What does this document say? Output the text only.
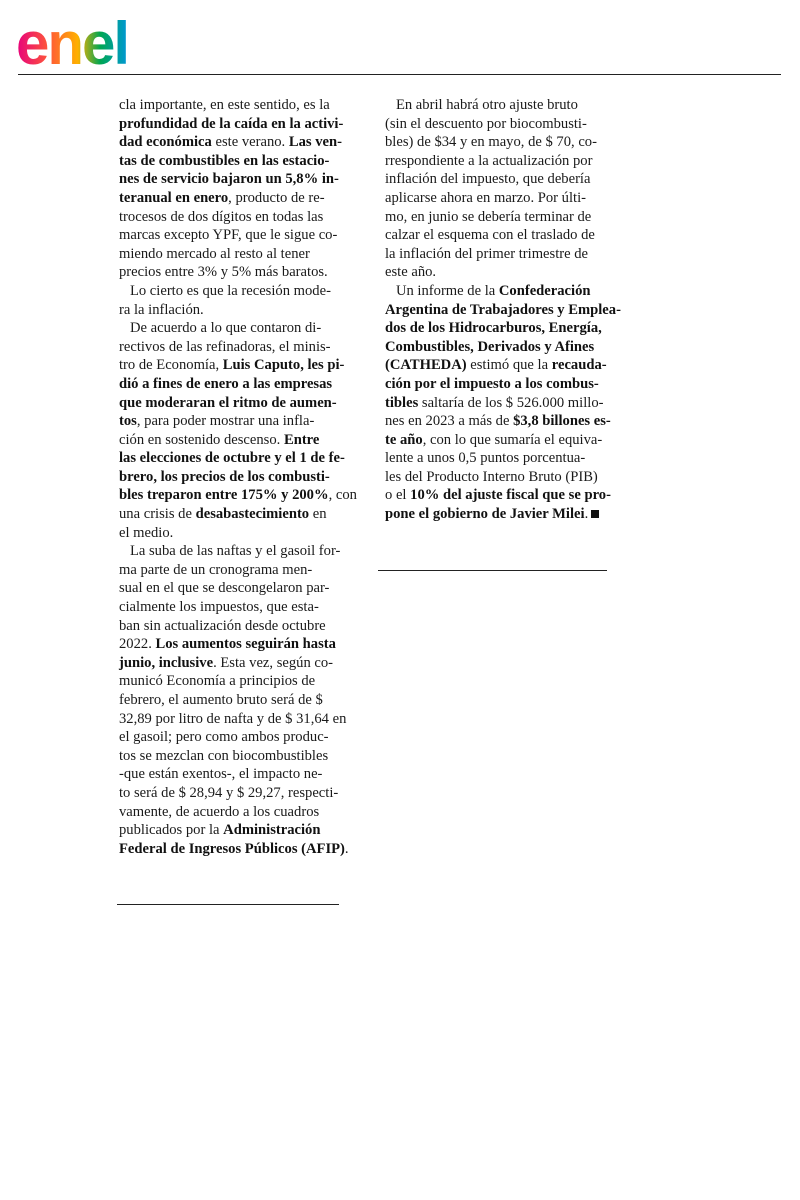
enel
cla importante, en este sentido, es la
profundidad de la caída en la activi-
dad económica este verano. Las ven-
tas de combustibles en las estacio-
nes de servicio bajaron un 5,8% in-
teranual en enero, producto de re-
trocesos de dos dígitos en todas las
marcas excepto YPF, que le sigue co-
miendo mercado al resto al tener
precios entre 3% y 5% más baratos.
Lo cierto es que la recesión mode-
ra la inflación.
De acuerdo a lo que contaron di-
rectivos de las refinadoras, el minis-
tro de Economía, Luis Caputo, les pi-
dió a fines de enero a las empresas
que moderaran el ritmo de aumen-
tos, para poder mostrar una infla-
ción en sostenido descenso. Entre
las elecciones de octubre y el 1 de fe-
brero, los precios de los combusti-
bles treparon entre 175% y 200%, con
una crisis de desabastecimiento en
el medio.
La suba de las naftas y el gasoil for-
ma parte de un cronograma men-
sual en el que se descongelaron par-
cialmente los impuestos, que esta-
ban sin actualización desde octubre
2022. Los aumentos seguirán hasta
junio, inclusive. Esta vez, según co-
municó Economía a principios de
febrero, el aumento bruto será de $
32,89 por litro de nafta y de $ 31,64 en
el gasoil; pero como ambos produc-
tos se mezclan con biocombustibles
-que están exentos-, el impacto ne-
to será de $ 28,94 y $ 29,27, respecti-
vamente, de acuerdo a los cuadros
publicados por la Administración
Federal de Ingresos Públicos (AFIP).
En abril habrá otro ajuste bruto
(sin el descuento por biocombusti-
bles) de $34 y en mayo, de $ 70, co-
rrespondiente a la actualización por
inflación del impuesto, que debería
aplicarse ahora en marzo. Por últi-
mo, en junio se debería terminar de
calzar el esquema con el traslado de
la inflación del primer trimestre de
este año.
Un informe de la Confederación
Argentina de Trabajadores y Emplea-
dos de los Hidrocarburos, Energía,
Combustibles, Derivados y Afines
(CATHEDA) estimó que la recauda-
ción por el impuesto a los combus-
tibles saltaría de los $ 526.000 millo-
nes en 2023 a más de $3,8 billones es-
te año, con lo que sumaría el equiva-
lente a unos 0,5 puntos porcentua-
les del Producto Interno Bruto (PIB)
o el 10% del ajuste fiscal que se pro-
pone el gobierno de Javier Milei.
